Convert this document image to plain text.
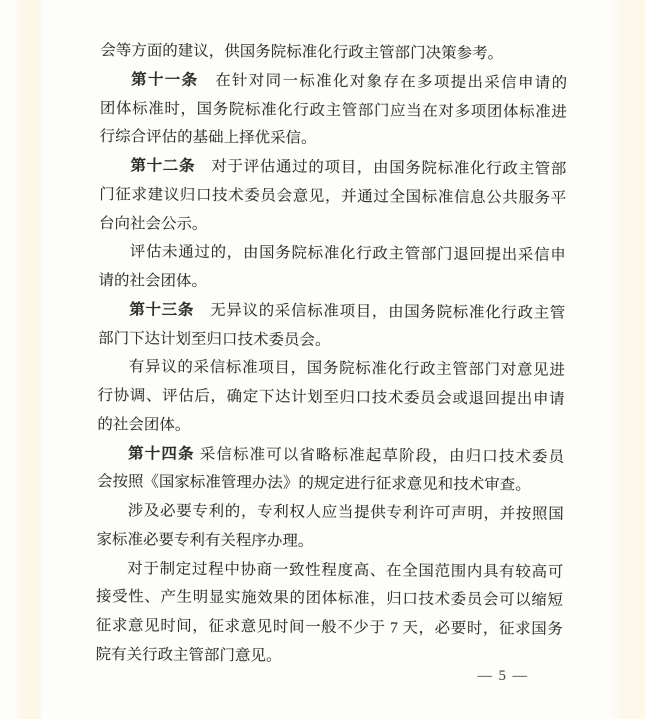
会等方面的建议，供国务院标准化行政主管部门决策参考。
第十一条　在针对同一标准化对象存在多项提出采信申请的
团体标准时，国务院标准化行政主管部门应当在对多项团体标准进
行综合评估的基础上择优采信。
第十二条　对于评估通过的项目，由国务院标准化行政主管部
门征求建议归口技术委员会意见，并通过全国标准信息公共服务平
台向社会公示。
评估未通过的，由国务院标准化行政主管部门退回提出采信申
请的社会团体。
第十三条　无异议的采信标准项目，由国务院标准化行政主管
部门下达计划至归口技术委员会。
有异议的采信标准项目，国务院标准化行政主管部门对意见进
行协调、评估后，确定下达计划至归口技术委员会或退回提出申请
的社会团体。
第十四条 采信标准可以省略标准起草阶段，由归口技术委员
会按照《国家标准管理办法》的规定进行征求意见和技术审查。
涉及必要专利的，专利权人应当提供专利许可声明，并按照国
家标准必要专利有关程序办理。
对于制定过程中协商一致性程度高、在全国范围内具有较高可
接受性、产生明显实施效果的团体标准，归口技术委员会可以缩短
征求意见时间，征求意见时间一般不少于 7 天，必要时，征求国务
院有关行政主管部门意见。
— 5 —
